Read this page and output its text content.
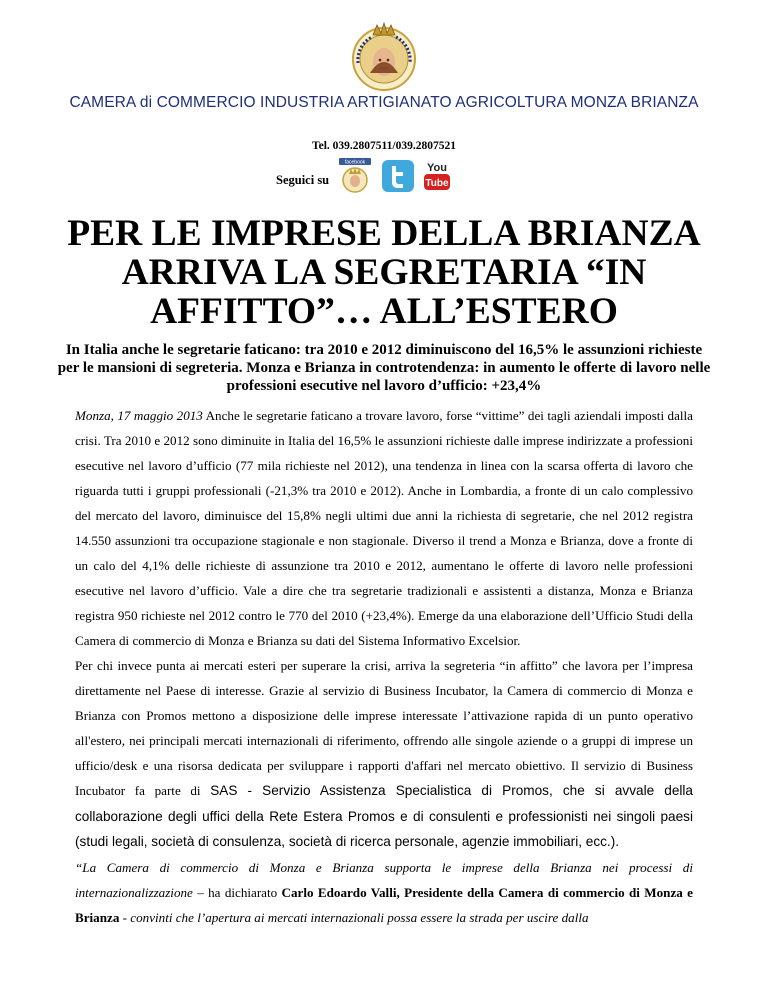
CAMERA di COMMERCIO INDUSTRIA ARTIGIANATO AGRICOLTURA MONZA BRIANZA
Tel. 039.2807511/039.2807521
Seguici su
facebook	You
Tube
PER LE IMPRESE DELLA BRIANZA ARRIVA LA SEGRETARIA “IN AFFITTO”… ALL’ESTERO
In Italia anche le segretarie faticano: tra 2010 e 2012 diminuiscono del 16,5% le assunzioni richieste per le mansioni di segreteria. Monza e Brianza in controtendenza: in aumento le offerte di lavoro nelle professioni esecutive nel lavoro d’ufficio: +23,4%

Monza, 17 maggio 2013 Anche le segretarie faticano a trovare lavoro, forse “vittime” dei tagli aziendali imposti dalla crisi. Tra 2010 e 2012 sono diminuite in Italia del 16,5% le assunzioni richieste dalle imprese indirizzate a professioni esecutive nel lavoro d’ufficio (77 mila richieste nel 2012), una tendenza in linea con la scarsa offerta di lavoro che riguarda tutti i gruppi professionali (-21,3% tra 2010 e 2012). Anche in Lombardia, a fronte di un calo complessivo del mercato del lavoro, diminuisce del 15,8% negli ultimi due anni la richiesta di segretarie, che nel 2012 registra 14.550 assunzioni tra occupazione stagionale e non stagionale. Diverso il trend a Monza e Brianza, dove a fronte di un calo del 4,1% delle richieste di assunzione tra 2010 e 2012, aumentano le offerte di lavoro nelle professioni esecutive nel lavoro d’ufficio. Vale a dire che tra segretarie tradizionali e assistenti a distanza, Monza e Brianza registra 950 richieste nel 2012 contro le 770 del 2010 (+23,4%). Emerge da una elaborazione dell’Ufficio Studi della Camera di commercio di Monza e Brianza su dati del Sistema Informativo Excelsior.

Per chi invece punta ai mercati esteri per superare la crisi, arriva la segreteria “in affitto” che lavora per l’impresa direttamente nel Paese di interesse. Grazie al servizio di Business Incubator, la Camera di commercio di Monza e Brianza con Promos mettono a disposizione delle imprese interessate l’attivazione rapida di un punto operativo all'estero, nei principali mercati internazionali di riferimento, offrendo alle singole aziende o a gruppi di imprese un ufficio/desk e una risorsa dedicata per sviluppare i rapporti d'affari nel mercato obiettivo. Il servizio di Business Incubator fa parte di SAS - Servizio Assistenza Specialistica di Promos, che si avvale della collaborazione degli uffici della Rete Estera Promos e di consulenti e professionisti nei singoli paesi (studi legali, società di consulenza, società di ricerca personale, agenzie immobiliari, ecc.).

“La Camera di commercio di Monza e Brianza supporta le imprese della Brianza nei processi di internazionalizzazione – ha dichiarato Carlo Edoardo Valli, Presidente della Camera di commercio di Monza e Brianza - convinti che l’apertura ai mercati internazionali possa essere la strada per uscire dalla
